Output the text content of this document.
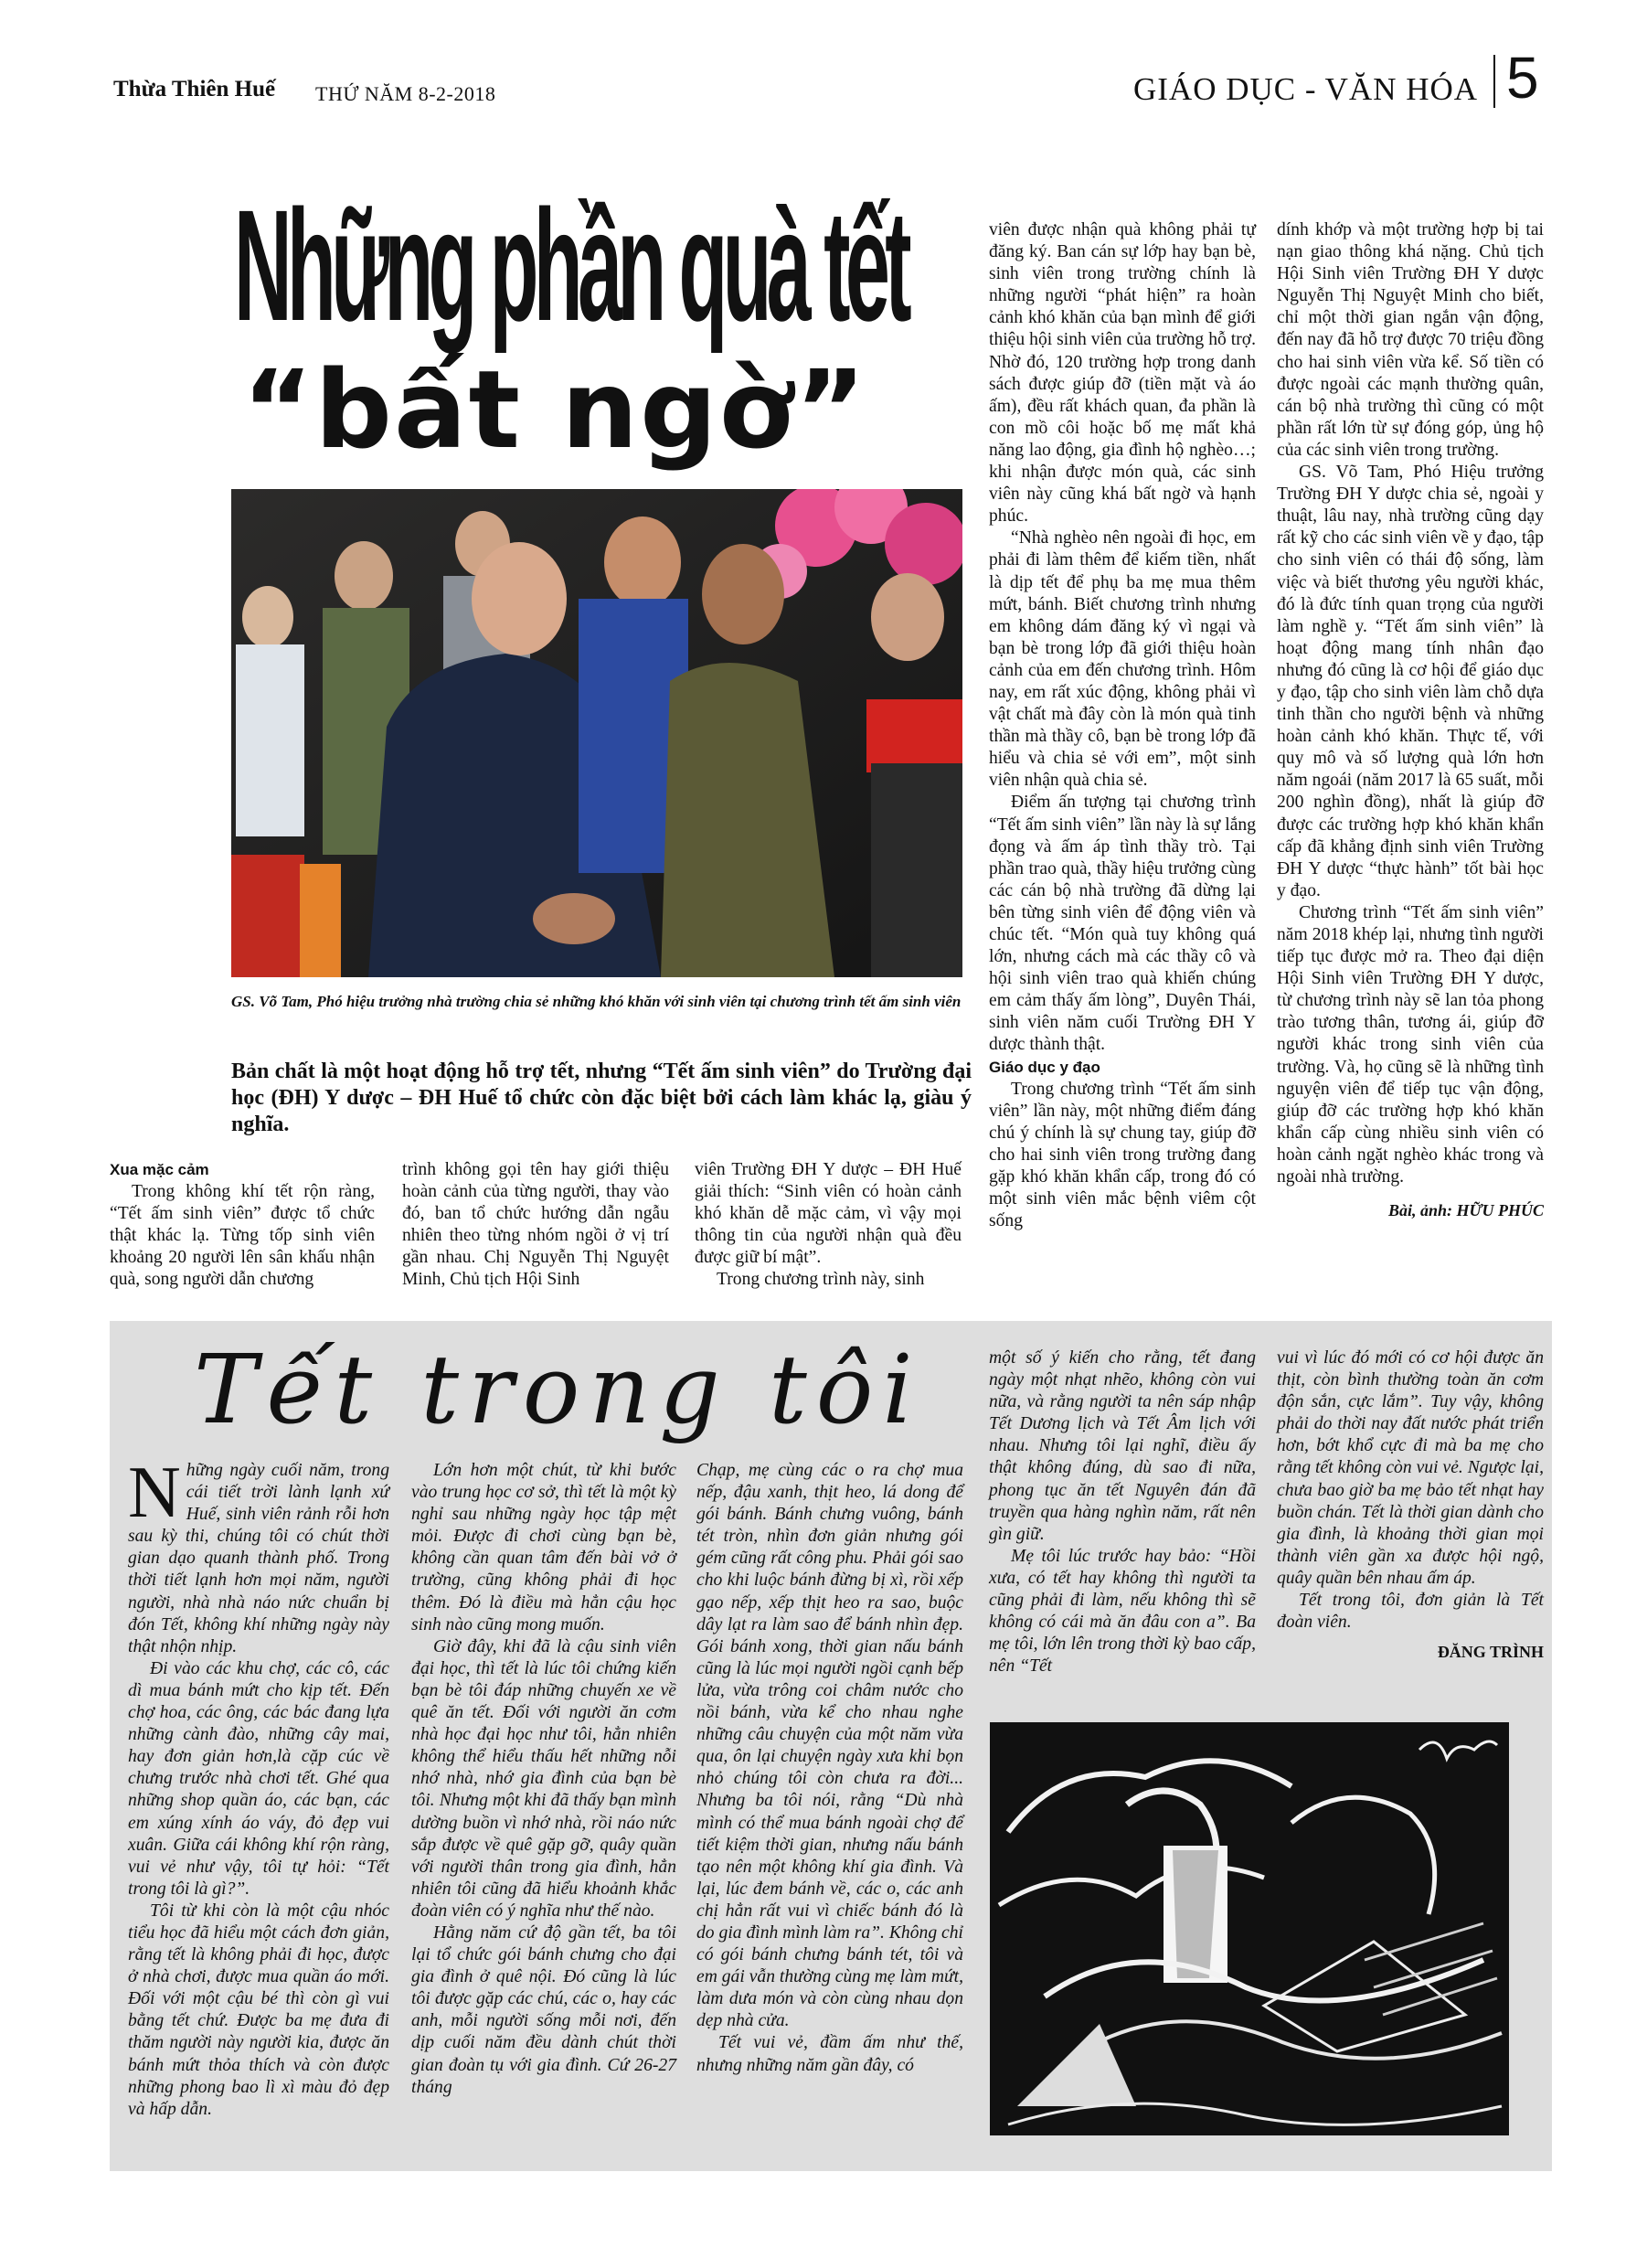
Thừa Thiên Huế THỨ NĂM 8-2-2018	GIÁO DỤC - VĂN HÓA 5
Những phần quà tết
“bất ngờ”
GS. Võ Tam, Phó hiệu trưởng nhà trường chia sẻ những khó khăn với sinh viên tại chương trình tết ấm sinh viên
Bản chất là một hoạt động hỗ trợ tết, nhưng “Tết ấm sinh viên” do Trường đại học (ĐH) Y dược – ĐH Huế tổ chức còn đặc biệt bởi cách làm khác lạ, giàu ý nghĩa.

Xua mặc cảm

Trong không khí tết rộn ràng, “Tết ấm sinh viên” được tổ chức thật khác lạ. Từng tốp sinh viên khoảng 20 người lên sân khấu nhận quà, song người dẫn chương

trình không gọi tên hay giới thiệu hoàn cảnh của từng người, thay vào đó, ban tổ chức hướng dẫn ngẫu nhiên theo từng nhóm ngồi ở vị trí gần nhau. Chị Nguyễn Thị Nguyệt Minh, Chủ tịch Hội Sinh

viên Trường ĐH Y dược – ĐH Huế giải thích: “Sinh viên có hoàn cảnh khó khăn dễ mặc cảm, vì vậy mọi thông tin của người nhận quà đều được giữ bí mật”.

Trong chương trình này, sinh

viên được nhận quà không phải tự đăng ký. Ban cán sự lớp hay bạn bè, sinh viên trong trường chính là những người “phát hiện” ra hoàn cảnh khó khăn của bạn mình để giới thiệu hội sinh viên của trường hỗ trợ. Nhờ đó, 120 trường hợp trong danh sách được giúp đỡ (tiền mặt và áo ấm), đều rất khách quan, đa phần là con mồ côi hoặc bố mẹ mất khả năng lao động, gia đình hộ nghèo…; khi nhận được món quà, các sinh viên này cũng khá bất ngờ và hạnh phúc.

“Nhà nghèo nên ngoài đi học, em phải đi làm thêm để kiếm tiền, nhất là dịp tết để phụ ba mẹ mua thêm mứt, bánh. Biết chương trình nhưng em không dám đăng ký vì ngại và bạn bè trong lớp đã giới thiệu hoàn cảnh của em đến chương trình. Hôm nay, em rất xúc động, không phải vì vật chất mà đây còn là món quà tinh thần mà thầy cô, bạn bè trong lớp đã hiểu và chia sẻ với em”, một sinh viên nhận quà chia sẻ.

Điểm ấn tượng tại chương trình “Tết ấm sinh viên” lần này là sự lắng đọng và ấm áp tình thầy trò. Tại phần trao quà, thầy hiệu trưởng cùng các cán bộ nhà trường đã dừng lại bên từng sinh viên để động viên và chúc tết. “Món quà tuy không quá lớn, nhưng cách mà các thầy cô và hội sinh viên trao quà khiến chúng em cảm thấy ấm lòng”, Duyên Thái, sinh viên năm cuối Trường ĐH Y dược thành thật.

Giáo dục y đạo

Trong chương trình “Tết ấm sinh viên” lần này, một những điểm đáng chú ý chính là sự chung tay, giúp đỡ cho hai sinh viên trong trường đang gặp khó khăn khẩn cấp, trong đó có một sinh viên mắc bệnh viêm cột sống

dính khớp và một trường hợp bị tai nạn giao thông khá nặng. Chủ tịch Hội Sinh viên Trường ĐH Y dược Nguyễn Thị Nguyệt Minh cho biết, chỉ một thời gian ngắn vận động, đến nay đã hỗ trợ được 70 triệu đồng cho hai sinh viên vừa kể. Số tiền có được ngoài các mạnh thường quân, cán bộ nhà trường thì cũng có một phần rất lớn từ sự đóng góp, ủng hộ của các sinh viên trong trường.

GS. Võ Tam, Phó Hiệu trưởng Trường ĐH Y dược chia sẻ, ngoài y thuật, lâu nay, nhà trường cũng dạy rất kỹ cho các sinh viên về y đạo, tập cho sinh viên có thái độ sống, làm việc và biết thương yêu người khác, đó là đức tính quan trọng của người làm nghề y. “Tết ấm sinh viên” là hoạt động mang tính nhân đạo nhưng đó cũng là cơ hội để giáo dục y đạo, tập cho sinh viên làm chỗ dựa tinh thần cho người bệnh và những hoàn cảnh khó khăn. Thực tế, với quy mô và số lượng quà lớn hơn năm ngoái (năm 2017 là 65 suất, mỗi 200 nghìn đồng), nhất là giúp đỡ được các trường hợp khó khăn khẩn cấp đã khẳng định sinh viên Trường ĐH Y dược “thực hành” tốt bài học y đạo.

Chương trình “Tết ấm sinh viên” năm 2018 khép lại, nhưng tình người tiếp tục được mở ra. Theo đại diện Hội Sinh viên Trường ĐH Y dược, từ chương trình này sẽ lan tỏa phong trào tương thân, tương ái, giúp đỡ người khác trong sinh viên của trường. Và, họ cũng sẽ là những tình nguyện viên để tiếp tục vận động, giúp đỡ các trường hợp khó khăn khẩn cấp cùng nhiều sinh viên có hoàn cảnh ngặt nghèo khác trong và ngoài nhà trường.

Bài, ảnh: HỮU PHÚC
Tết trong tôi

Những ngày cuối năm, trong cái tiết trời lành lạnh xứ Huế, sinh viên rảnh rỗi hơn sau kỳ thi, chúng tôi có chút thời gian dạo quanh thành phố. Trong thời tiết lạnh hơn mọi năm, người người, nhà nhà náo nức chuẩn bị đón Tết, không khí những ngày này thật nhộn nhịp.

Đi vào các khu chợ, các cô, các dì mua bánh mứt cho kịp tết. Đến chợ hoa, các ông, các bác đang lựa những cành đào, những cây mai, hay đơn giản hơn,là cặp cúc về chưng trước nhà chơi tết. Ghé qua những shop quần áo, các bạn, các em xúng xính áo váy, đỏ đẹp vui xuân. Giữa cái không khí rộn ràng, vui vẻ như vậy, tôi tự hỏi: “Tết trong tôi là gì?”.

Tôi từ khi còn là một cậu nhóc tiểu học đã hiểu một cách đơn giản, rằng tết là không phải đi học, được ở nhà chơi, được mua quần áo mới. Đối với một cậu bé thì còn gì vui bằng tết chứ. Được ba mẹ đưa đi thăm người này người kia, được ăn bánh mứt thỏa thích và còn được những phong bao lì xì màu đỏ đẹp và hấp dẫn.

Lớn hơn một chút, từ khi bước vào trung học cơ sở, thì tết là một kỳ nghỉ sau những ngày học tập mệt mỏi. Được đi chơi cùng bạn bè, không cần quan tâm đến bài vở ở trường, cũng không phải đi học thêm. Đó là điều mà hẳn cậu học sinh nào cũng mong muốn.

Giờ đây, khi đã là cậu sinh viên đại học, thì tết là lúc tôi chứng kiến bạn bè tôi đáp những chuyến xe về quê ăn tết. Đối với người ăn cơm nhà học đại học như tôi, hẳn nhiên không thể hiểu thấu hết những nỗi nhớ nhà, nhớ gia đình của bạn bè tôi. Nhưng một khi đã thấy bạn mình dường buồn vì nhớ nhà, rồi náo nức sắp được về quê gặp gỡ, quây quần với người thân trong gia đình, hẳn nhiên tôi cũng đã hiểu khoảnh khắc đoàn viên có ý nghĩa như thế nào.

Hằng năm cứ độ gần tết, ba tôi lại tổ chức gói bánh chưng cho đại gia đình ở quê nội. Đó cũng là lúc tôi được gặp các chú, các o, hay các anh, mỗi người sống mỗi nơi, đến dịp cuối năm đều dành chút thời gian đoàn tụ với gia đình. Cứ 26-27 tháng

Chạp, mẹ cùng các o ra chợ mua nếp, đậu xanh, thịt heo, lá dong để gói bánh. Bánh chưng vuông, bánh tét tròn, nhìn đơn giản nhưng gói gém cũng rất công phu. Phải gói sao cho khi luộc bánh đừng bị xì, rồi xếp gạo nếp, xếp thịt heo ra sao, buộc dây lạt ra làm sao để bánh nhìn đẹp. Gói bánh xong, thời gian nấu bánh cũng là lúc mọi người ngồi cạnh bếp lửa, vừa trông coi châm nước cho nồi bánh, vừa kể cho nhau nghe những câu chuyện của một năm vừa qua, ôn lại chuyện ngày xưa khi bọn nhỏ chúng tôi còn chưa ra đời... Nhưng ba tôi nói, rằng “Dù nhà mình có thể mua bánh ngoài chợ để tiết kiệm thời gian, nhưng nấu bánh tạo nên một không khí gia đình. Và lại, lúc đem bánh về, các o, các anh chị hẳn rất vui vì chiếc bánh đó là do gia đình mình làm ra”. Không chỉ có gói bánh chưng bánh tét, tôi và em gái vẫn thường cùng mẹ làm mứt, làm dưa món và còn cùng nhau dọn dẹp nhà cửa.

Tết vui vẻ, đầm ấm như thế, nhưng những năm gần đây, có

một số ý kiến cho rằng, tết đang ngày một nhạt nhẽo, không còn vui nữa, và rằng người ta nên sáp nhập Tết Dương lịch và Tết Âm lịch với nhau. Nhưng tôi lại nghĩ, điều ấy thật không đúng, dù sao đi nữa, phong tục ăn tết Nguyên đán đã truyền qua hàng nghìn năm, rất nên gìn giữ.

Mẹ tôi lúc trước hay bảo: “Hồi xưa, có tết hay không thì người ta cũng phải đi làm, nếu không thì sẽ không có cái mà ăn đâu con a”. Ba mẹ tôi, lớn lên trong thời kỳ bao cấp, nên “Tết

vui vì lúc đó mới có cơ hội được ăn thịt, còn bình thường toàn ăn cơm độn sắn, cực lắm”. Tuy vậy, không phải do thời nay đất nước phát triển hơn, bớt khổ cực đi mà ba mẹ cho rằng tết không còn vui vẻ. Ngược lại, chưa bao giờ ba mẹ bảo tết nhạt hay buồn chán. Tết là thời gian dành cho gia đình, là khoảng thời gian mọi thành viên gần xa được hội ngộ, quây quần bên nhau ấm áp.

Tết trong tôi, đơn giản là Tết đoàn viên.

ĐĂNG TRÌNH
